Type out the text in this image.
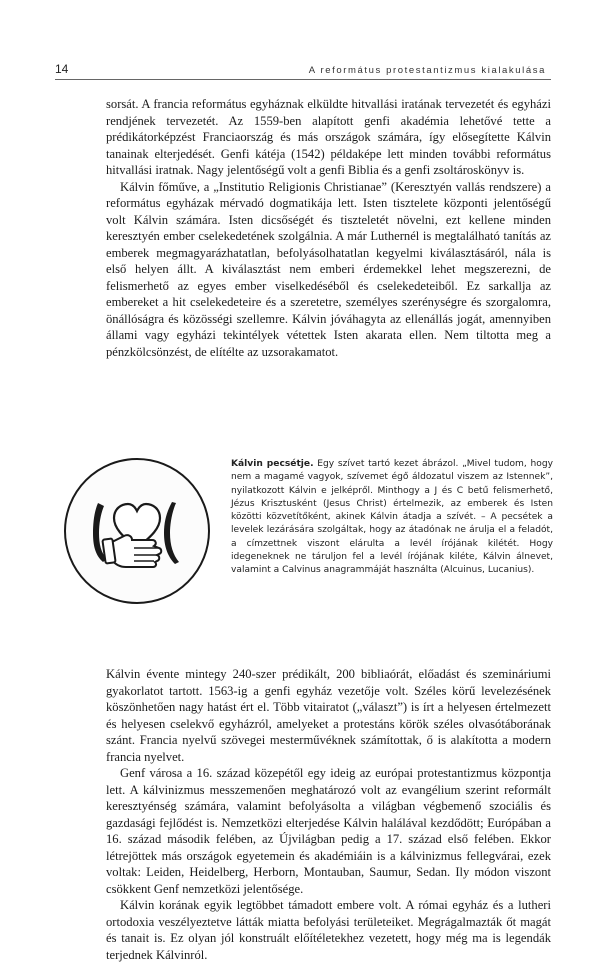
14	A református protestantizmus kialakulása

sorsát. A francia református egyháznak elküldte hitvallási iratának tervezetét és egyházi rendjének tervezetét. Az 1559-ben alapított genfi akadémia lehetővé tette a prédikátorképzést Franciaország és más országok számára, így elősegítette Kálvin tanainak elterjedését. Genfi kátéja (1542) példaképe lett minden további református hitvallási iratnak. Nagy jelentőségű volt a genfi Biblia és a genfi zsoltároskönyv is.

Kálvin főműve, a „Institutio Religionis Christianae” (Keresztyén vallás rendszere) a református egyházak mérvadó dogmatikája lett. Isten tisztelete központi jelentőségű volt Kálvin számára. Isten dicsőségét és tiszteletét növelni, ezt kellene minden keresztyén ember cselekedetének szolgálnia. A már Luthernél is megtalálható tanítás az emberek megmagyarázhatatlan, befolyásolhatatlan kegyelmi kiválasztásáról, nála is első helyen állt. A kiválasztást nem emberi érdemekkel lehet megszerezni, de felismerhető az egyes ember viselkedéséből és cselekedeteiből. Ez sarkallja az embereket a hit cselekedeteire és a szeretetre, személyes szerénységre és szorgalomra, önállóságra és közösségi szellemre. Kálvin jóváhagyta az ellenállás jogát, amennyiben állami vagy egyházi tekintélyek vétettek Isten akarata ellen. Nem tiltotta meg a pénzkölcsönzést, de elítélte az uzsorakamatot.

Kálvin pecsétje. Egy szívet tartó kezet ábrázol. „Mivel tudom, hogy nem a magamé vagyok, szívemet égő áldozatul viszem az Istennek”, nyilatkozott Kálvin e jelképről. Minthogy a J és C betű felismerhető, Jézus Krisztusként (Jesus Christ) értelmezik, az emberek és Isten közötti közvetítőként, akinek Kálvin átadja a szívét. – A pecsétek a levelek lezárására szolgáltak, hogy az átadónak ne árulja el a feladót, a címzettnek viszont elárulta a levél írójának kilétét. Hogy idegeneknek ne táruljon fel a levél írójának kiléte, Kálvin álnevet, valamint a Calvinus anagrammáját használta (Alcuinus, Lucanius).

Kálvin évente mintegy 240-szer prédikált, 200 bibliaórát, előadást és szemináriumi gyakorlatot tartott. 1563-ig a genfi egyház vezetője volt. Széles körű levelezésének köszönhetően nagy hatást ért el. Több vitairatot („választ”) is írt a helyesen értelmezett és helyesen cselekvő egyházról, amelyeket a protestáns körök széles olvasótáborának szánt. Francia nyelvű szövegei mesterművéknek számítottak, ő is alakította a modern francia nyelvet.

Genf városa a 16. század közepétől egy ideig az európai protestantizmus központja lett. A kálvinizmus messzemenően meghatározó volt az evangélium szerint reformált keresztyénség számára, valamint befolyásolta a világban végbemenő szociális és gazdasági fejlődést is. Nemzetközi elterjedése Kálvin halálával kezdődött; Európában a 16. század második felében, az Újvilágban pedig a 17. század első felében. Ekkor létrejöttek más országok egyetemein és akadémiáin is a kálvinizmus fellegvárai, ezek voltak: Leiden, Heidelberg, Herborn, Montauban, Saumur, Sedan. Ily módon viszont csökkent Genf nemzetközi jelentősége.

Kálvin korának egyik legtöbbet támadott embere volt. A római egyház és a lutheri ortodoxia veszélyeztetve látták miatta befolyási területeiket. Megrágalmazták őt magát és tanait is. Ez olyan jól konstruált előítéletekhez vezetett, hogy még ma is legendák terjednek Kálvinról.
